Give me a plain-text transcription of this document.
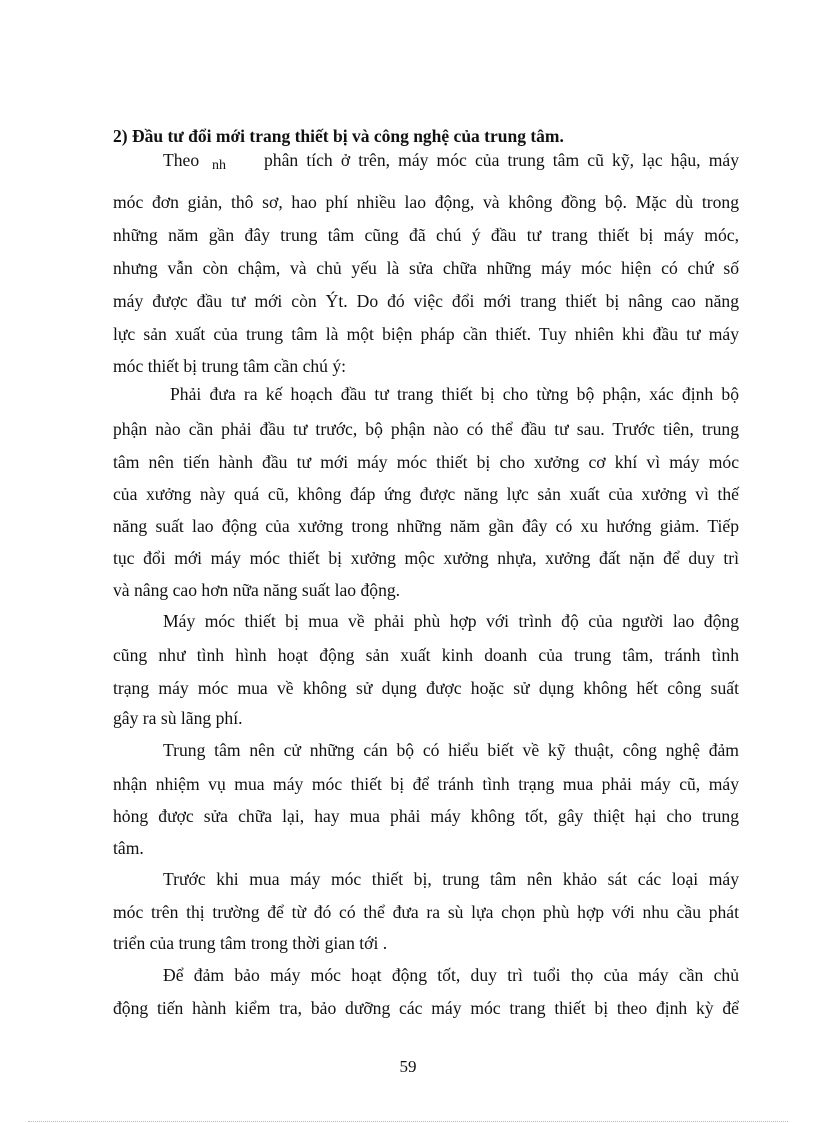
2) Đầu tư đổi mới trang thiết bị và công nghệ của trung tâm.
Theo nh phân tích ở trên, máy móc của trung tâm cũ kỹ, lạc hậu, máy
móc đơn giản, thô sơ, hao phí nhiều lao động, và không đồng bộ. Mặc dù trong
những năm gần đây trung tâm cũng đã chú ý đầu tư trang thiết bị máy móc,
nhưng vẫn còn chậm, và chủ yếu là sửa chữa những máy móc hiện có chứ số
máy được đầu tư mới còn Ýt. Do đó việc đổi mới trang thiết bị nâng cao năng
lực sản xuất của trung tâm là một biện pháp cần thiết. Tuy nhiên khi đầu tư máy
móc thiết bị trung tâm cần chú ý:
Phải đưa ra kế hoạch đầu tư trang thiết bị cho từng bộ phận, xác định bộ
phận nào cần phải đầu tư trước, bộ phận nào có thể đầu tư sau. Trước tiên, trung
tâm nên tiến hành đầu tư mới máy móc thiết bị cho xưởng cơ khí vì máy móc
của xưởng này quá cũ, không đáp ứng được năng lực sản xuất của xưởng vì thế
năng suất lao động của xưởng trong những năm gần đây có xu hướng giảm. Tiếp
tục đổi mới máy móc thiết bị xưởng mộc xưởng nhựa, xưởng đất nặn để duy trì
và nâng cao hơn nữa năng suất lao động.
Máy móc thiết bị mua về phải phù hợp với trình độ của người lao động
cũng như tình hình hoạt động sản xuất kinh doanh của trung tâm, tránh tình
trạng máy móc mua về không sử dụng được hoặc sử dụng không hết công suất
gây ra sù lãng phí.
Trung tâm nên cử những cán bộ có hiểu biết về kỹ thuật, công nghệ đảm
nhận nhiệm vụ mua máy móc thiết bị để tránh tình trạng mua phải máy cũ, máy
hỏng được sửa chữa lại, hay mua phải máy không tốt, gây thiệt hại cho trung
tâm.
Trước khi mua máy móc thiết bị, trung tâm nên khảo sát các loại máy
móc trên thị trường để từ đó có thể đưa ra sù lựa chọn phù hợp với nhu cầu phát
triển của trung tâm trong thời gian tới .
Để đảm bảo máy móc hoạt động tốt, duy trì tuổi thọ của máy cần chủ
động tiến hành kiểm tra, bảo dưỡng các máy móc trang thiết bị theo định kỳ để
59
